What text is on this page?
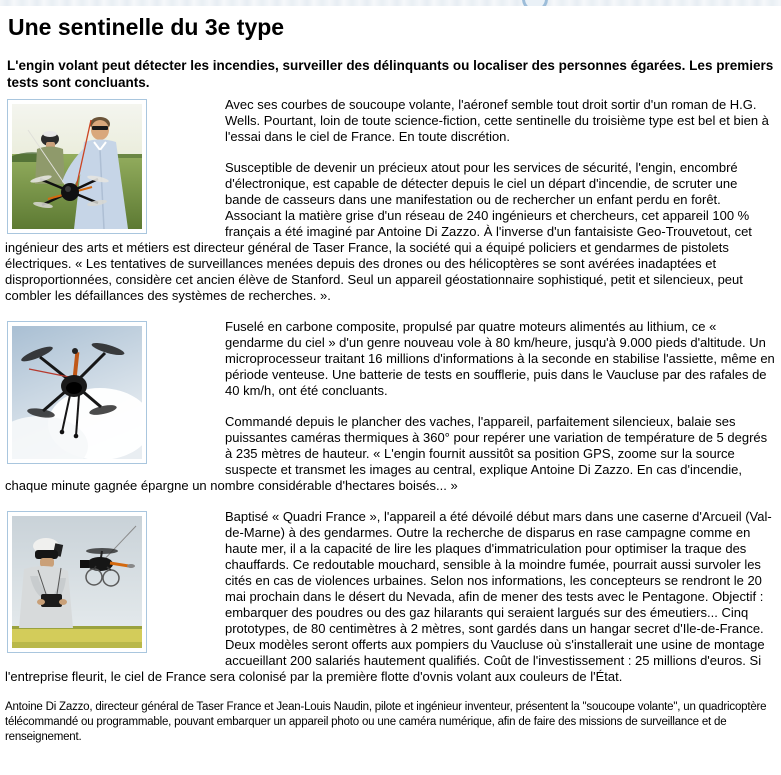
Une sentinelle du 3e type

L'engin volant peut détecter les incendies, surveiller des délinquants ou localiser des personnes égarées. Les premiers tests sont concluants.

Avec ses courbes de soucoupe volante, l'aéronef semble tout droit sortir d'un roman de H.G. Wells. Pourtant, loin de toute science-fiction, cette sentinelle du troisième type est bel et bien à l'essai dans le ciel de France. En toute discrétion.

Susceptible de devenir un précieux atout pour les services de sécurité, l'engin, encombré d'électronique, est capable de détecter depuis le ciel un départ d'incendie, de scruter une bande de casseurs dans une manifestation ou de rechercher un enfant perdu en forêt. Associant la matière grise d'un réseau de 240 ingénieurs et chercheurs, cet appareil 100 % français a été imaginé par Antoine Di Zazzo. À l'inverse d'un fantaisiste Geo-Trouvetout, cet ingénieur des arts et métiers est directeur général de Taser France, la société qui a équipé policiers et gendarmes de pistolets électriques. « Les tentatives de surveillances menées depuis des drones ou des hélicoptères se sont avérées inadaptées et disproportionnées, considère cet ancien élève de Stanford. Seul un appareil géostationnaire sophistiqué, petit et silencieux, peut combler les défaillances des systèmes de recherches. ».

Fuselé en carbone composite, propulsé par quatre moteurs alimentés au lithium, ce « gendarme du ciel » d'un genre nouveau vole à 80 km/heure, jusqu'à 9.000 pieds d'altitude. Un microprocesseur traitant 16 millions d'informations à la seconde en stabilise l'assiette, même en période venteuse. Une batterie de tests en soufflerie, puis dans le Vaucluse par des rafales de 40 km/h, ont été concluants.

Commandé depuis le plancher des vaches, l'appareil, parfaitement silencieux, balaie ses puissantes caméras thermiques à 360° pour repérer une variation de température de 5 degrés à 235 mètres de hauteur. « L'engin fournit aussitôt sa position GPS, zoome sur la source suspecte et transmet les images au central, explique Antoine Di Zazzo. En cas d'incendie, chaque minute gagnée épargne un nombre considérable d'hectares boisés... »

Baptisé « Quadri France », l'appareil a été dévoilé début mars dans une caserne d'Arcueil (Val-de-Marne) à des gendarmes. Outre la recherche de disparus en rase campagne comme en haute mer, il a la capacité de lire les plaques d'immatriculation pour optimiser la traque des chauffards. Ce redoutable mouchard, sensible à la moindre fumée, pourrait aussi survoler les cités en cas de violences urbaines. Selon nos informations, les concepteurs se rendront le 20 mai prochain dans le désert du Nevada, afin de mener des tests avec le Pentagone. Objectif : embarquer des poudres ou des gaz hilarants qui seraient largués sur des émeutiers... Cinq prototypes, de 80 centimètres à 2 mètres, sont gardés dans un hangar secret d'Ile-de-France. Deux modèles seront offerts aux pompiers du Vaucluse où s'installerait une usine de montage accueillant 200 salariés hautement qualifiés. Coût de l'investissement : 25 millions d'euros. Si l'entreprise fleurit, le ciel de France sera colonisé par la première flotte d'ovnis volant aux couleurs de l'État.

Antoine Di Zazzo, directeur général de Taser France et Jean-Louis Naudin, pilote et ingénieur inventeur, présentent la "soucoupe volante", un quadricoptère télécommandé ou programmable, pouvant embarquer un appareil photo ou une caméra numérique, afin de faire des missions de surveillance et de renseignement.
